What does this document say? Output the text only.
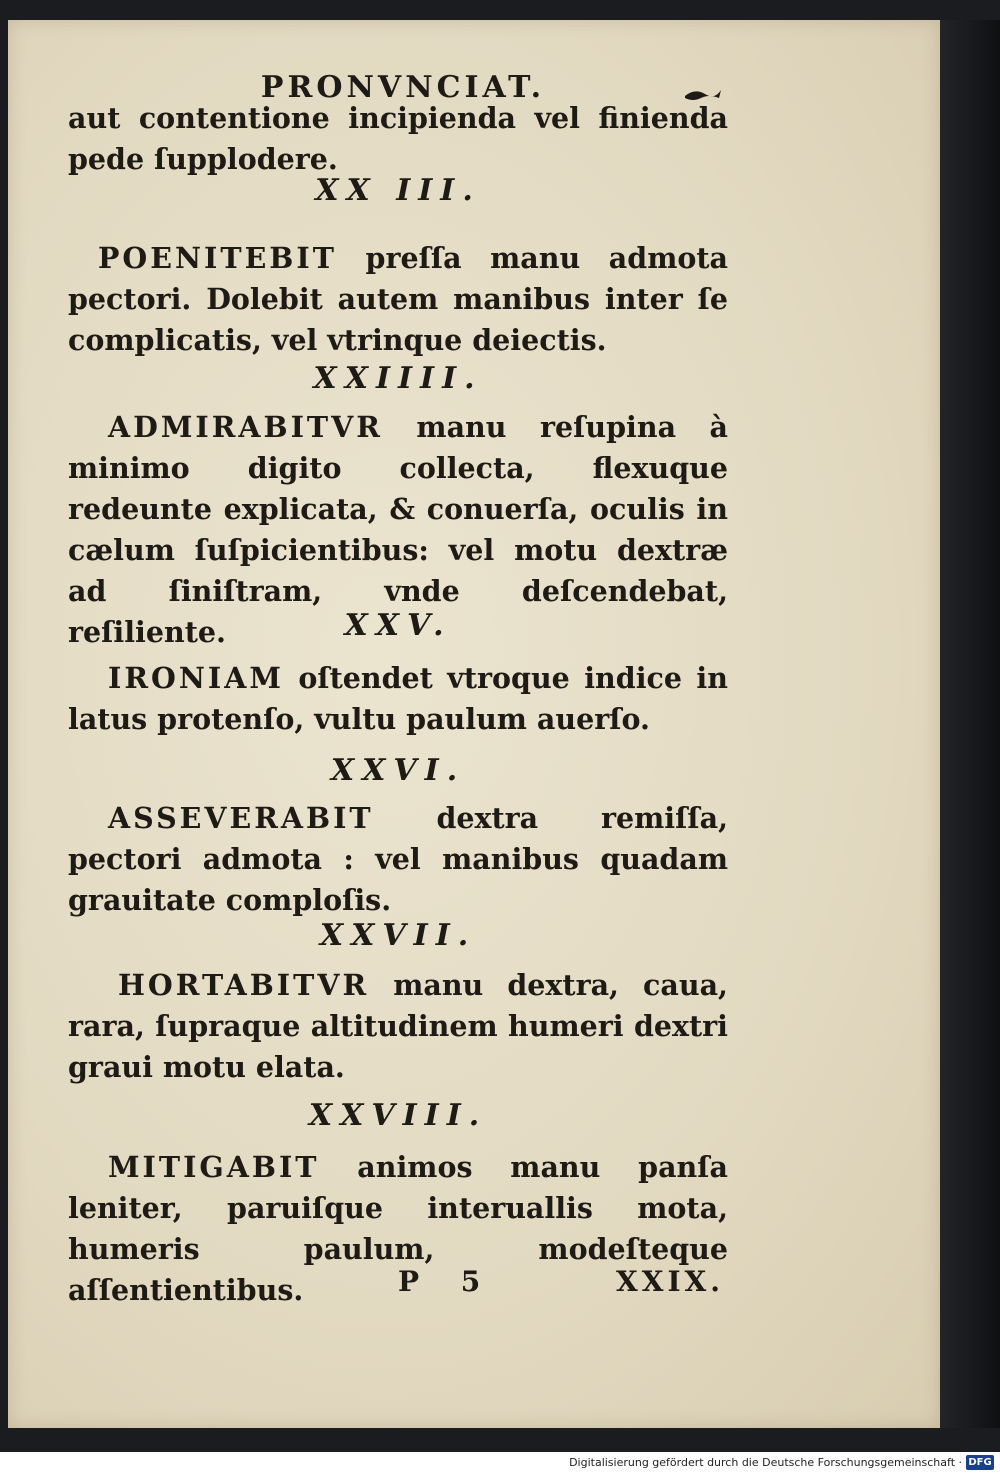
PRONVNCIAT.
aut contentione incipienda vel finienda pede ſupplodere.
XX III.
POENITEBIT preſſa manu admota pectori. Dolebit autem manibus inter ſe complicatis, vel vtrinque deiectis.
XXIIII.
ADMIRABITVR manu reſupina à minimo digito collecta, flexuque redeunte explicata, & conuerſa, oculis in cælum ſuſpicientibus: vel motu dextræ ad ſiniſtram, vnde deſcendebat, reſiliente.	XXV.
IRONIAM oſtendet vtroque indice in latus protenſo, vultu paulum auerſo.
XXVI.
ASSEVERABIT dextra remiſſa, pectori admota : vel manibus quadam grauitate comploſis.
XXVII.
HORTABITVR manu dextra, caua, rara, ſupraque altitudinem humeri dextri graui motu elata.
XXVIII.
MITIGABIT animos manu panſa leniter, paruiſque interuallis mota, humeris paulum, modeſteque aſſentientibus.	P 5	XXIX.
Digitalisierung gefördert durch die Deutsche Forschungsgemeinschaft · DFG
